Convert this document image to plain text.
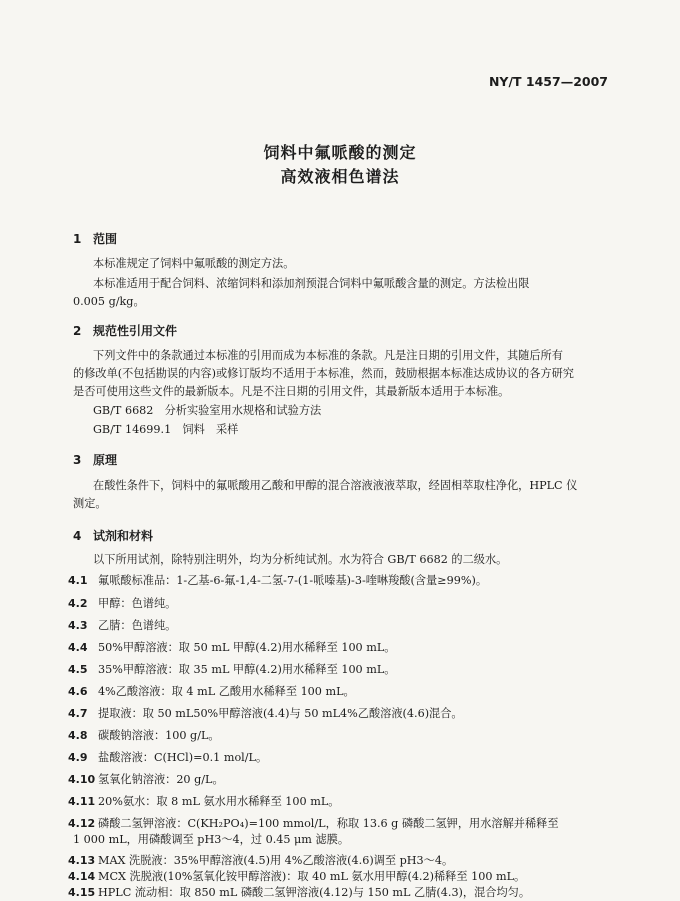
NY/T 1457—2007
饲料中氟哌酸的测定
高效液相色谱法
1 范围
本标准规定了饲料中氟哌酸的测定方法。
本标准适用于配合饲料、浓缩饲料和添加剂预混合饲料中氟哌酸含量的测定。方法检出限
0.005 g/kg。
2 规范性引用文件
下列文件中的条款通过本标准的引用而成为本标准的条款。凡是注日期的引用文件，其随后所有
的修改单(不包括勘误的内容)或修订版均不适用于本标准，然而，鼓励根据本标准达成协议的各方研究
是否可使用这些文件的最新版本。凡是不注日期的引用文件，其最新版本适用于本标准。
GB/T 6682　分析实验室用水规格和试验方法
GB/T 14699.1　饲料　采样
3 原理
在酸性条件下，饲料中的氟哌酸用乙酸和甲醇的混合溶液液液萃取，经固相萃取柱净化，HPLC 仪
测定。
4 试剂和材料
以下所用试剂，除特别注明外，均为分析纯试剂。水为符合 GB/T 6682 的二级水。
4.1 氟哌酸标准品：1-乙基-6-氟-1,4-二氢-7-(1-哌嗪基)-3-喹啉羧酸(含量≥99%)。
4.2 甲醇：色谱纯。
4.3 乙腈：色谱纯。
4.4 50%甲醇溶液：取 50 mL 甲醇(4.2)用水稀释至 100 mL。
4.5 35%甲醇溶液：取 35 mL 甲醇(4.2)用水稀释至 100 mL。
4.6 4%乙酸溶液：取 4 mL 乙酸用水稀释至 100 mL。
4.7 提取液：取 50 mL50%甲醇溶液(4.4)与 50 mL4%乙酸溶液(4.6)混合。
4.8 碳酸钠溶液：100 g/L。
4.9 盐酸溶液：C(HCl)=0.1 mol/L。
4.10 氢氧化钠溶液：20 g/L。
4.11 20%氨水：取 8 mL 氨水用水稀释至 100 mL。
4.12 磷酸二氢钾溶液：C(KH₂PO₄)=100 mmol/L，称取 13.6 g 磷酸二氢钾，用水溶解并稀释至
1 000 mL，用磷酸调至 pH3～4，过 0.45 μm 滤膜。
4.13 MAX 洗脱液：35%甲醇溶液(4.5)用 4%乙酸溶液(4.6)调至 pH3～4。
4.14 MCX 洗脱液(10%氢氧化铵甲醇溶液)：取 40 mL 氨水用甲醇(4.2)稀释至 100 mL。
4.15 HPLC 流动相：取 850 mL 磷酸二氢钾溶液(4.12)与 150 mL 乙腈(4.3)，混合均匀。
